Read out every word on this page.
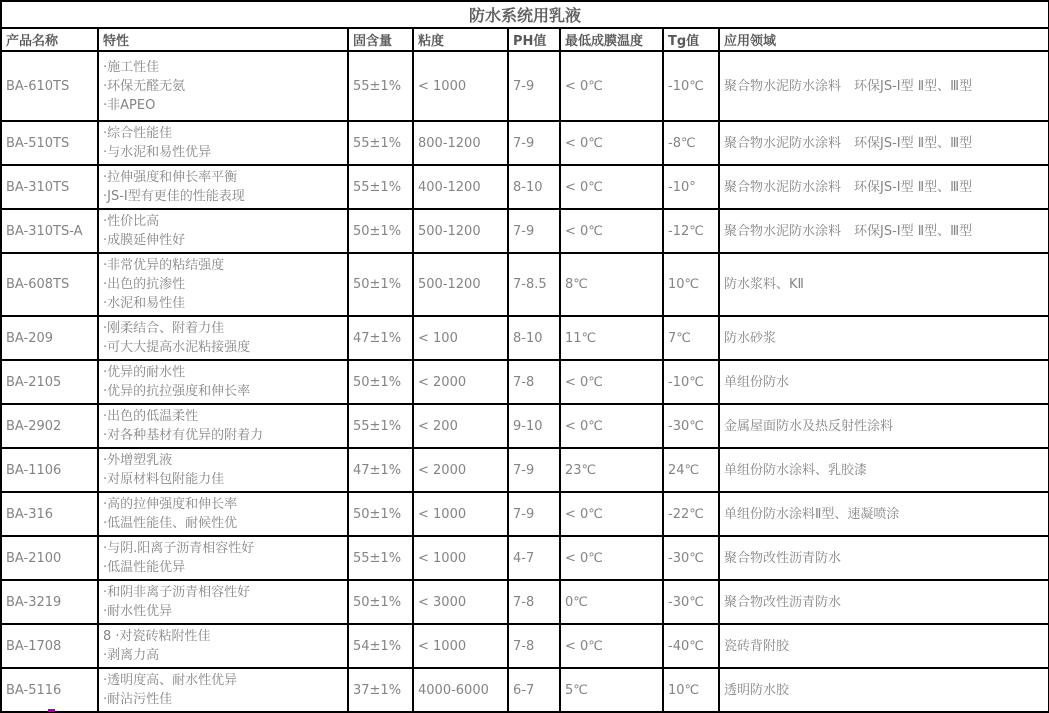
防水系统用乳液							
产品名称	特性	固含量	粘度	PH值	最低成膜温度	Tg值	应用领域
BA-610TS	·施工性佳
·环保无醛无氨
·非APEO	55±1%	< 1000	7-9	< 0℃	-10℃	聚合物水泥防水涂料　环保JS-Ⅰ型 Ⅱ型、Ⅲ型
BA-510TS	·综合性能佳
·与水泥和易性优异	55±1%	800-1200	7-9	< 0℃	-8℃	聚合物水泥防水涂料　环保JS-Ⅰ型 Ⅱ型、Ⅲ型
BA-310TS	·拉伸强度和伸长率平衡
·JS-Ⅰ型有更佳的性能表现	55±1%	400-1200	8-10	< 0℃	-10°	聚合物水泥防水涂料　环保JS-Ⅰ型 Ⅱ型、Ⅲ型
BA-310TS-A	·性价比高
·成膜延伸性好	50±1%	500-1200	7-9	< 0℃	-12℃	聚合物水泥防水涂料　环保JS-Ⅰ型 Ⅱ型、Ⅲ型
BA-608TS	·非常优异的粘结强度
·出色的抗渗性
·水泥和易性佳	50±1%	500-1200	7-8.5	8℃	10℃	防水浆料、KⅡ
BA-209	·刚柔结合、附着力佳
·可大大提高水泥粘接强度	47±1%	< 100	8-10	11℃	7℃	防水砂浆
BA-2105	·优异的耐水性
·优异的抗拉强度和伸长率	50±1%	< 2000	7-8	< 0℃	-10℃	单组份防水
BA-2902	·出色的低温柔性
·对各种基材有优异的附着力	55±1%	< 200	9-10	< 0℃	-30℃	金属屋面防水及热反射性涂料
BA-1106	·外增塑乳液
·对原材料包附能力佳	47±1%	< 2000	7-9	23℃	24℃	单组份防水涂料、乳胶漆
BA-316	·高的拉伸强度和伸长率
·低温性能佳、耐候性优	50±1%	< 1000	7-9	< 0℃	-22℃	单组份防水涂料Ⅱ型、速凝喷涂
BA-2100	·与阴.阳离子沥青相容性好
·低温性能优异	55±1%	< 1000	4-7	< 0℃	-30℃	聚合物改性沥青防水
BA-3219	·和阴非离子沥青相容性好
·耐水性优异	50±1%	< 3000	7-8	0℃	-30℃	聚合物改性沥青防水
BA-1708	8 ·对瓷砖粘附性佳
·剥离力高	54±1%	< 1000	7-8	< 0℃	-40℃	瓷砖背附胶
BA-5116	·透明度高、耐水性优异
·耐沾污性佳	37±1%	4000-6000	6-7	5℃	10℃	透明防水胶
